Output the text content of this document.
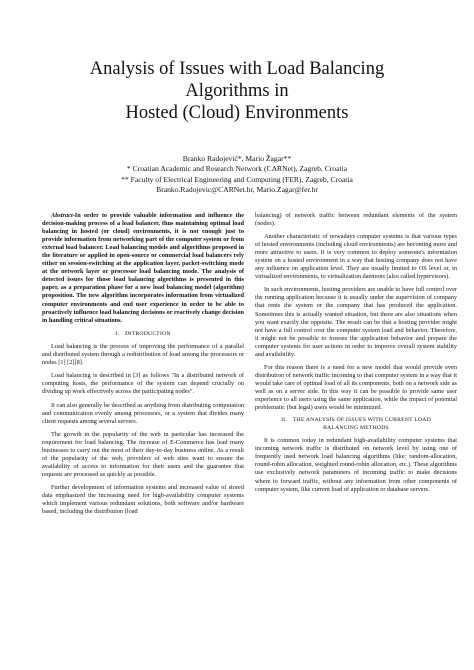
Analysis of Issues with Load Balancing
Algorithms in
Hosted (Cloud) Environments
Branko Radojević*, Mario Žagar**
* Croatian Academic and Research Network (CARNet), Zagreb, Croatia
** Faculty of Electrical Engineering and Computing (FER), Zagreb, Croatia
Branko.Radojevic@CARNet.hr, Mario.Zagar@fer.hr

Abstract-In order to provide valuable information and influence the decision-making process of a load balancer, thus maintaining optimal load balancing in hosted (or cloud) environments, it is not enough just to provide information from networking part of the computer system or from external load balancer. Load balancing models and algorithms proposed in the literature or applied in open-source or commercial load balancers rely either on session-switching at the application layer, packet-switching mode at the network layer or processor load balancing mode. The analysis of detected issues for those load balancing algorithms is presented in this paper, as a preparation phase for a new load balancing model (algorithm) proposition. The new algorithm incorporates information from virtualized computer environments and end user experience in order to be able to proactively influence load balancing decisions or reactively change decision in handling critical situations.

I. INTRODUCTION

Load balancing is the process of improving the performance of a parallel and distributed system through a redistribution of load among the processors or nodes [1] [2][8].

Load balancing is described in [3] as follows "In a distributed network of computing hosts, the performance of the system can depend crucially on dividing up work effectively across the participating nodes".

It can also generally be described as anything from distributing computation and communication evenly among processors, or a system that divides many client requests among several servers.

The growth in the popularity of the web in particular has increased the requirement for load balancing. The increase of E-Commerce has lead many businesses to carry out the most of their day-to-day business online. As a result of the popularity of the web, providers of web sites want to ensure the availability of access to information for their users and the guarantee that requests are processed as quickly as possible.

Further development of information systems and increased value of stored data emphasized the increasing need for high-availability computer systems which implement various redundant solutions, both software and/or hardware based, including the distribution (load

balancing) of network traffic between redundant elements of the system (nodes).

Another characteristic of nowadays computer systems is that various types of hosted environments (including cloud environments) are becoming more and more attractive to users. It is very common to deploy someone's information system on a hosted environment in a way that hosting company does not have any influence on application level. They are usually limited to OS level or, in virtualized environments, to virtualization daemons (also called hypervisors).

In such environments, hosting providers are unable to have full control over the running application because it is usually under the supervision of company that rents the system or the company that has produced the application. Sometimes this is actually wanted situation, but there are also situations when you want exactly the opposite. The result can be that a hosting provider might not have a full control over the computer system load and behavior. Therefore, it might not be possible to foresee the application behavior and prepare the computer systems for user actions in order to improve overall system stability and availability.

For this reason there is a need for a new model that would provide even distribution of network traffic incoming to that computer system in a way that it would take care of optimal load of all its components, both on a network side as well as on a server side. In this way it can be possible to provide same user experience to all users using the same application, while the impact of potential problematic (but legal) users would be minimized.

II. THE ANALYSIS OF ISSUES WITH CURRENT LOAD
BALANCING METHODS

It is common today in redundant high-availability computer systems that incoming network traffic is distributed on network level by using one of frequently used network load balancing algorithms (like: random-allocation, round-robin allocation, weighted round-robin allocation, etc.). These algorithms use exclusively network parameters of incoming traffic to make decisions where to forward traffic, without any information from other components of computer system, like current load of application or database servers.
